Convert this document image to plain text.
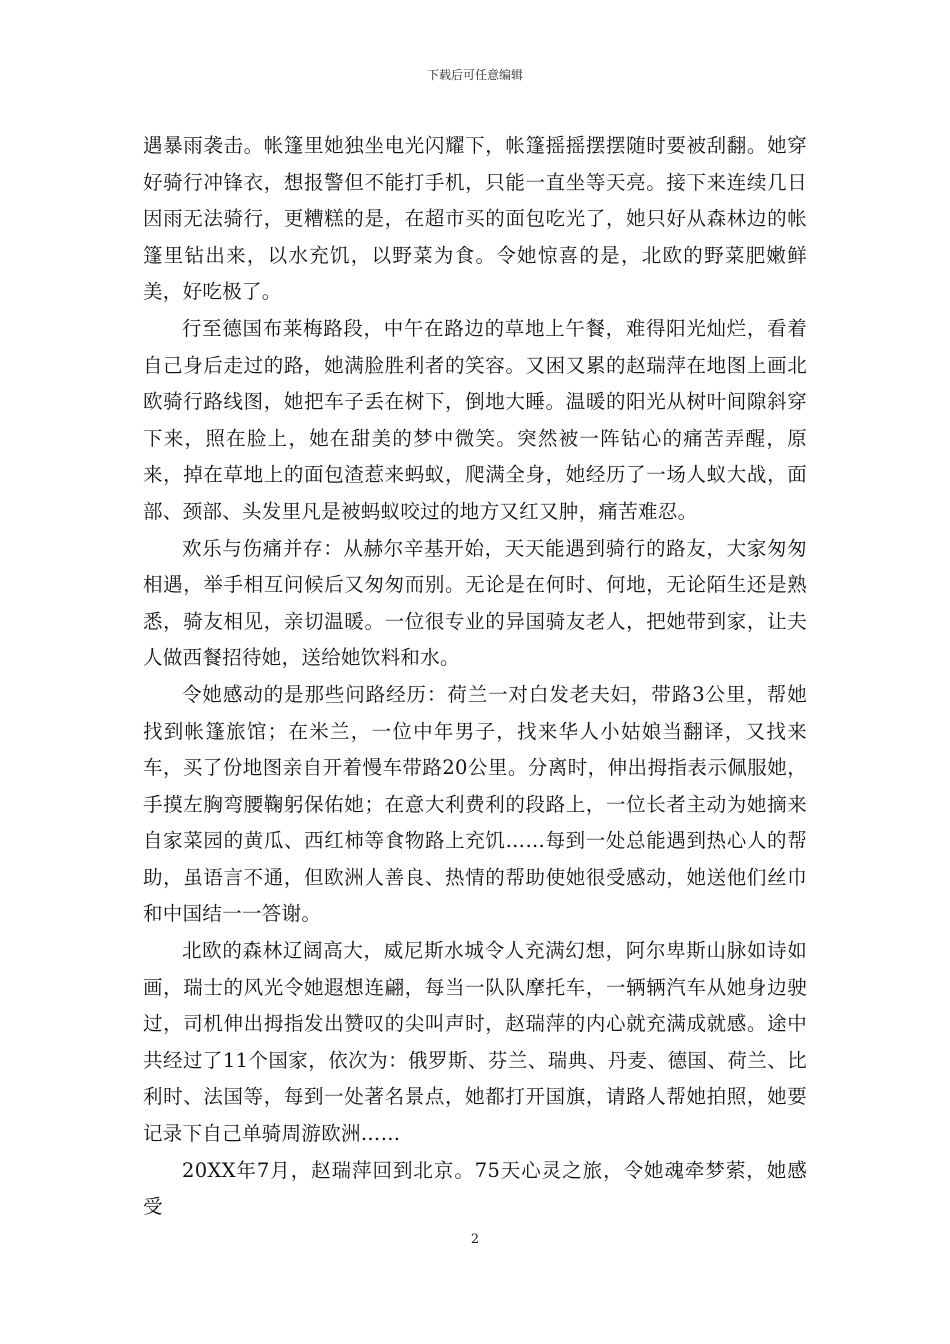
下载后可任意编辑

遇暴雨袭击。帐篷里她独坐电光闪耀下，帐篷摇摇摆摆随时要被刮翻。她穿好骑行冲锋衣，想报警但不能打手机，只能一直坐等天亮。接下来连续几日因雨无法骑行，更糟糕的是，在超市买的面包吃光了，她只好从森林边的帐篷里钻出来，以水充饥，以野菜为食。令她惊喜的是，北欧的野菜肥嫩鲜美，好吃极了。

行至德国布莱梅路段，中午在路边的草地上午餐，难得阳光灿烂，看着自己身后走过的路，她满脸胜利者的笑容。又困又累的赵瑞萍在地图上画北欧骑行路线图，她把车子丢在树下，倒地大睡。温暖的阳光从树叶间隙斜穿下来，照在脸上，她在甜美的梦中微笑。突然被一阵钻心的痛苦弄醒，原来，掉在草地上的面包渣惹来蚂蚁，爬满全身，她经历了一场人蚁大战，面部、颈部、头发里凡是被蚂蚁咬过的地方又红又肿，痛苦难忍。

欢乐与伤痛并存：从赫尔辛基开始，天天能遇到骑行的路友，大家匆匆相遇，举手相互问候后又匆匆而别。无论是在何时、何地，无论陌生还是熟悉，骑友相见，亲切温暖。一位很专业的异国骑友老人，把她带到家，让夫人做西餐招待她，送给她饮料和水。

令她感动的是那些问路经历：荷兰一对白发老夫妇，带路3公里，帮她找到帐篷旅馆；在米兰，一位中年男子，找来华人小姑娘当翻译，又找来车，买了份地图亲自开着慢车带路20公里。分离时，伸出拇指表示佩服她，手摸左胸弯腰鞠躬保佑她；在意大利费利的段路上，一位长者主动为她摘来自家菜园的黄瓜、西红柿等食物路上充饥……每到一处总能遇到热心人的帮助，虽语言不通，但欧洲人善良、热情的帮助使她很受感动，她送他们丝巾和中国结一一答谢。

北欧的森林辽阔高大，威尼斯水城令人充满幻想，阿尔卑斯山脉如诗如画，瑞士的风光令她遐想连翩，每当一队队摩托车，一辆辆汽车从她身边驶过，司机伸出拇指发出赞叹的尖叫声时，赵瑞萍的内心就充满成就感。途中共经过了11个国家，依次为：俄罗斯、芬兰、瑞典、丹麦、德国、荷兰、比利时、法国等，每到一处著名景点，她都打开国旗，请路人帮她拍照，她要记录下自己单骑周游欧洲……

20XX年7月，赵瑞萍回到北京。75天心灵之旅，令她魂牵梦萦，她感受

2
